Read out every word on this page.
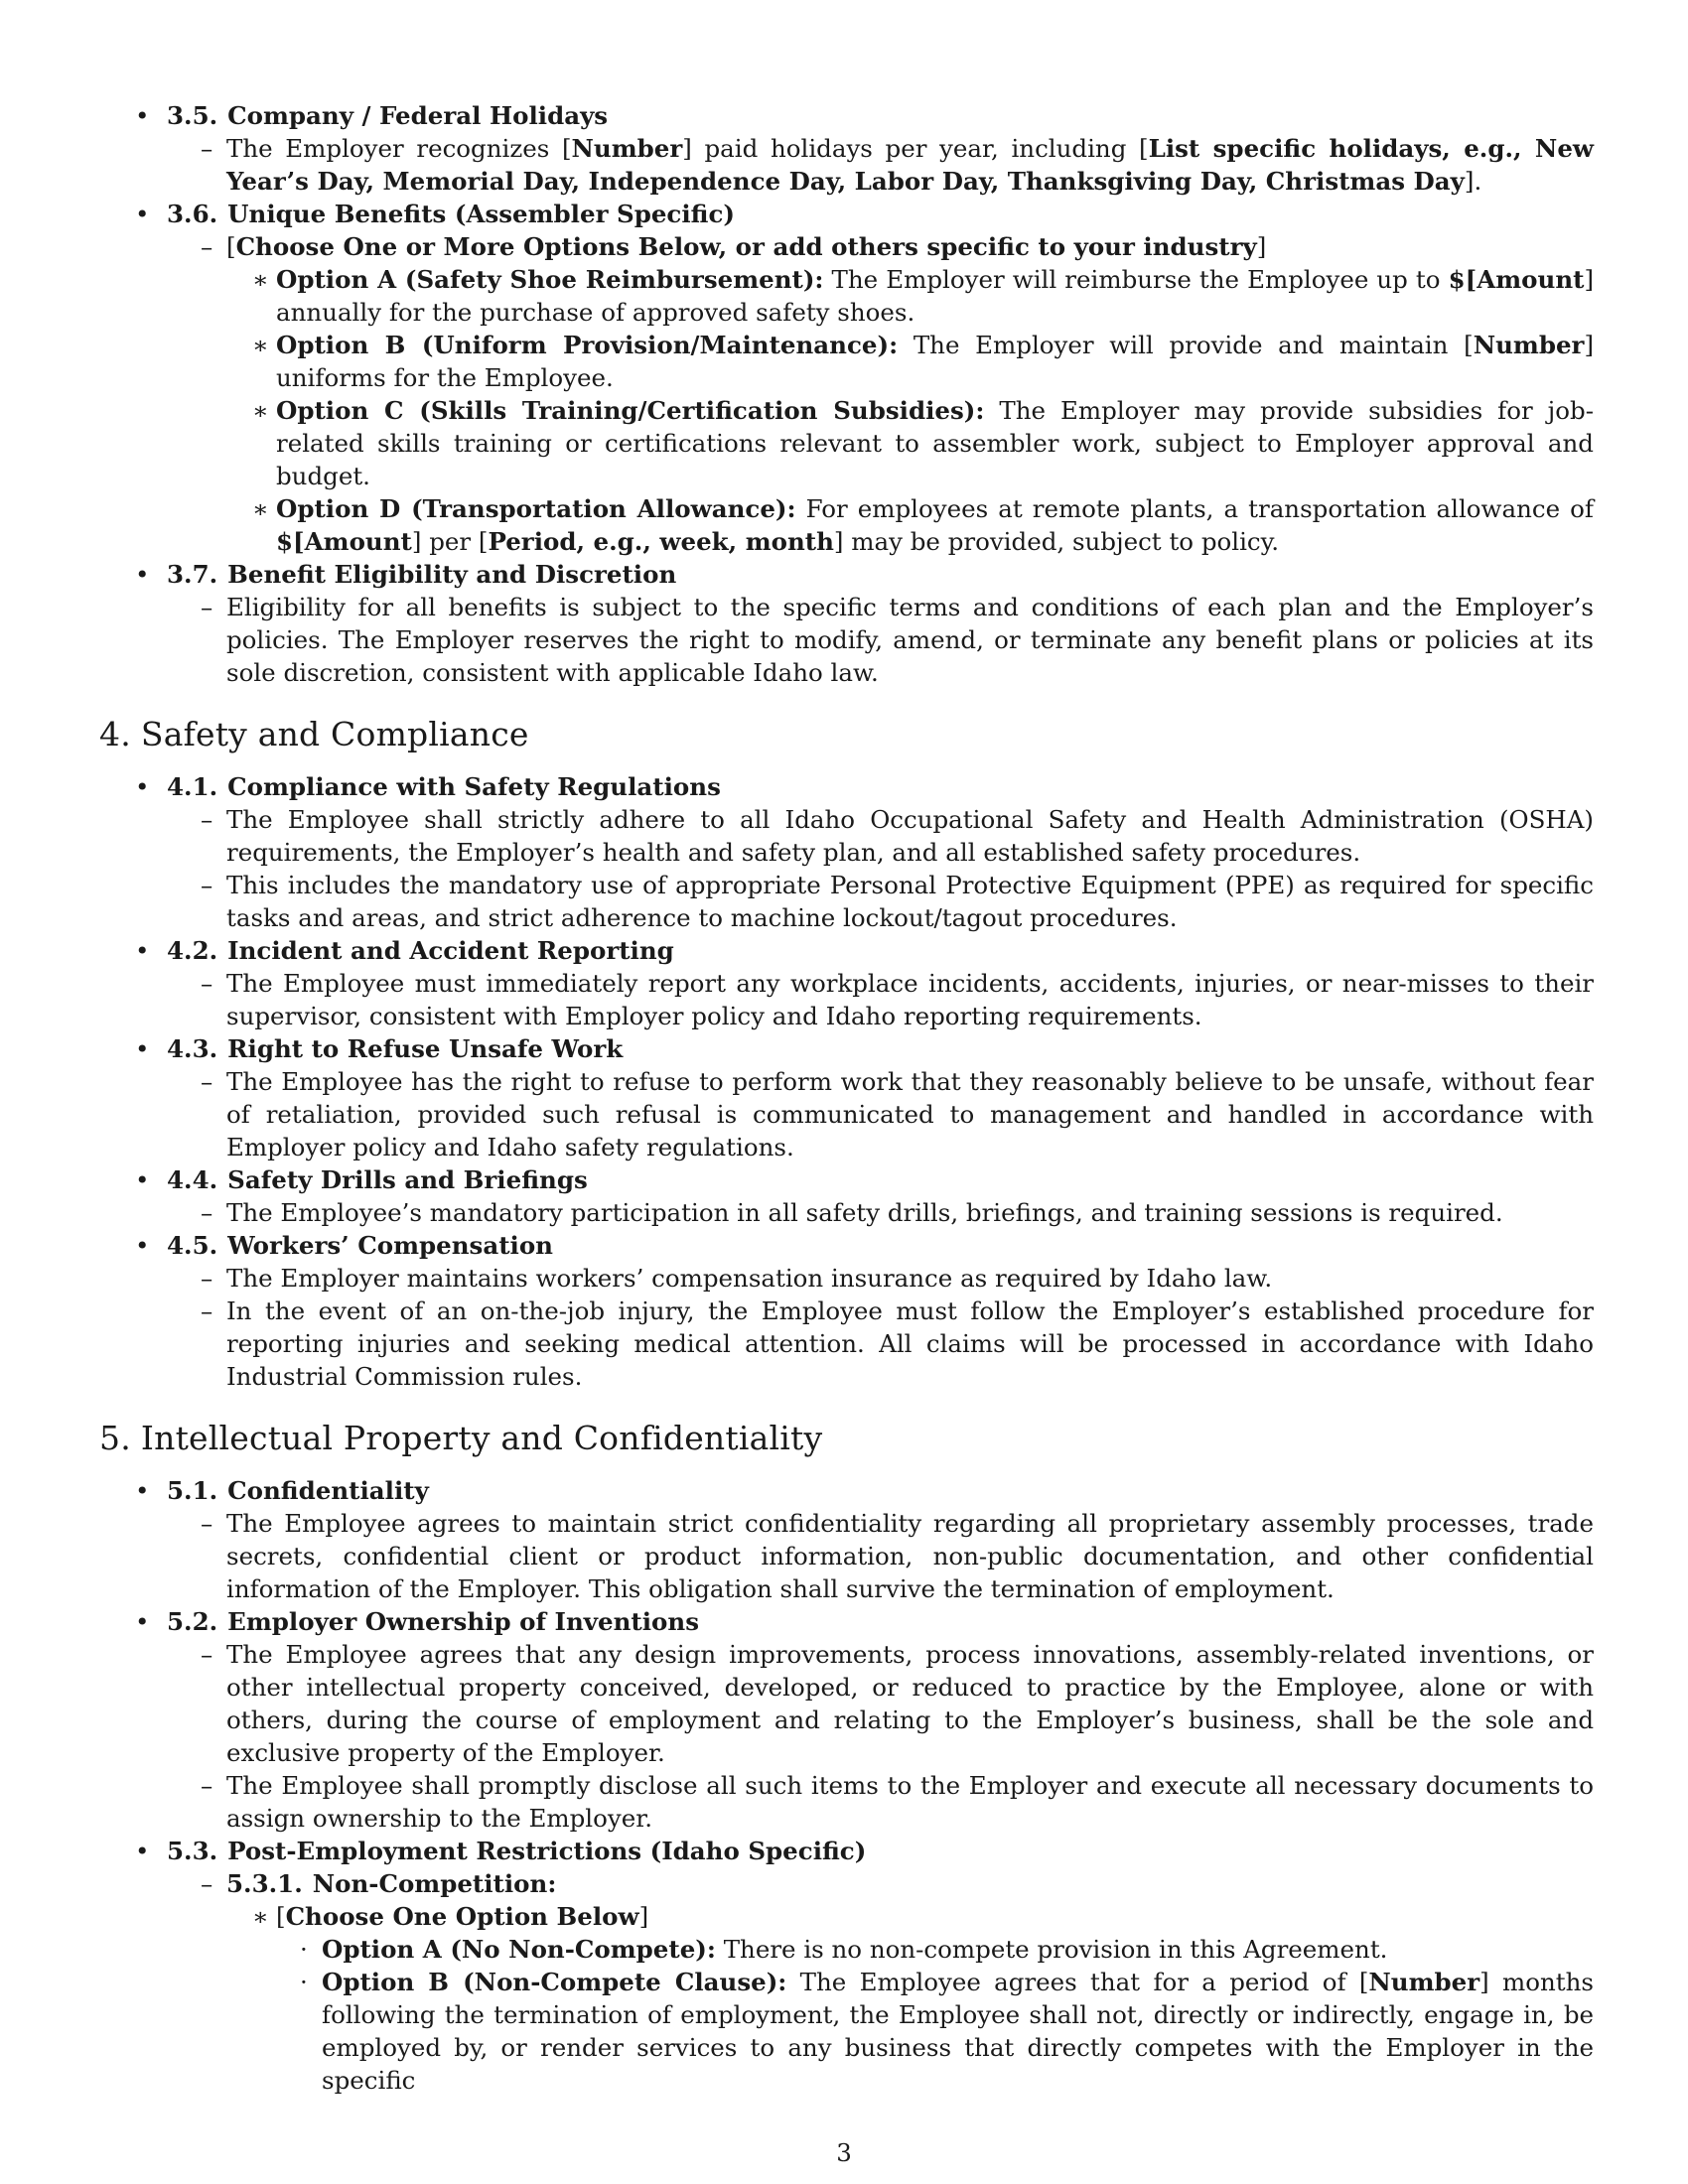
• 3.5. Company / Federal Holidays
– The Employer recognizes [Number] paid holidays per year, including [List specific holidays, e.g., New Year’s Day, Memorial Day, Independence Day, Labor Day, Thanksgiving Day, Christmas Day].
• 3.6. Unique Benefits (Assembler Specific)
– [Choose One or More Options Below, or add others specific to your industry]
∗ Option A (Safety Shoe Reimbursement): The Employer will reimburse the Employee up to $[Amount] annually for the purchase of approved safety shoes.
∗ Option B (Uniform Provision/Maintenance): The Employer will provide and maintain [Number] uniforms for the Employee.
∗ Option C (Skills Training/Certification Subsidies): The Employer may provide subsidies for job-related skills training or certifications relevant to assembler work, subject to Employer approval and budget.
∗ Option D (Transportation Allowance): For employees at remote plants, a transportation allowance of $[Amount] per [Period, e.g., week, month] may be provided, subject to policy.
• 3.7. Benefit Eligibility and Discretion
– Eligibility for all benefits is subject to the specific terms and conditions of each plan and the Employer’s policies. The Employer reserves the right to modify, amend, or terminate any benefit plans or policies at its sole discretion, consistent with applicable Idaho law.
4. Safety and Compliance
• 4.1. Compliance with Safety Regulations
– The Employee shall strictly adhere to all Idaho Occupational Safety and Health Administration (OSHA) requirements, the Employer’s health and safety plan, and all established safety procedures.
– This includes the mandatory use of appropriate Personal Protective Equipment (PPE) as required for specific tasks and areas, and strict adherence to machine lockout/tagout procedures.
• 4.2. Incident and Accident Reporting
– The Employee must immediately report any workplace incidents, accidents, injuries, or near-misses to their supervisor, consistent with Employer policy and Idaho reporting requirements.
• 4.3. Right to Refuse Unsafe Work
– The Employee has the right to refuse to perform work that they reasonably believe to be unsafe, without fear of retaliation, provided such refusal is communicated to management and handled in accordance with Employer policy and Idaho safety regulations.
• 4.4. Safety Drills and Briefings
– The Employee’s mandatory participation in all safety drills, briefings, and training sessions is required.
• 4.5. Workers’ Compensation
– The Employer maintains workers’ compensation insurance as required by Idaho law.
– In the event of an on-the-job injury, the Employee must follow the Employer’s established procedure for reporting injuries and seeking medical attention. All claims will be processed in accordance with Idaho Industrial Commission rules.
5. Intellectual Property and Confidentiality
• 5.1. Confidentiality
– The Employee agrees to maintain strict confidentiality regarding all proprietary assembly processes, trade secrets, confidential client or product information, non-public documentation, and other confidential information of the Employer. This obligation shall survive the termination of employment.
• 5.2. Employer Ownership of Inventions
– The Employee agrees that any design improvements, process innovations, assembly-related inventions, or other intellectual property conceived, developed, or reduced to practice by the Employee, alone or with others, during the course of employment and relating to the Employer’s business, shall be the sole and exclusive property of the Employer.
– The Employee shall promptly disclose all such items to the Employer and execute all necessary documents to assign ownership to the Employer.
• 5.3. Post-Employment Restrictions (Idaho Specific)
– 5.3.1. Non-Competition:
∗ [Choose One Option Below]
· Option A (No Non-Compete): There is no non-compete provision in this Agreement.
· Option B (Non-Compete Clause): The Employee agrees that for a period of [Number] months following the termination of employment, the Employee shall not, directly or indirectly, engage in, be employed by, or render services to any business that directly competes with the Employer in the specific
3
